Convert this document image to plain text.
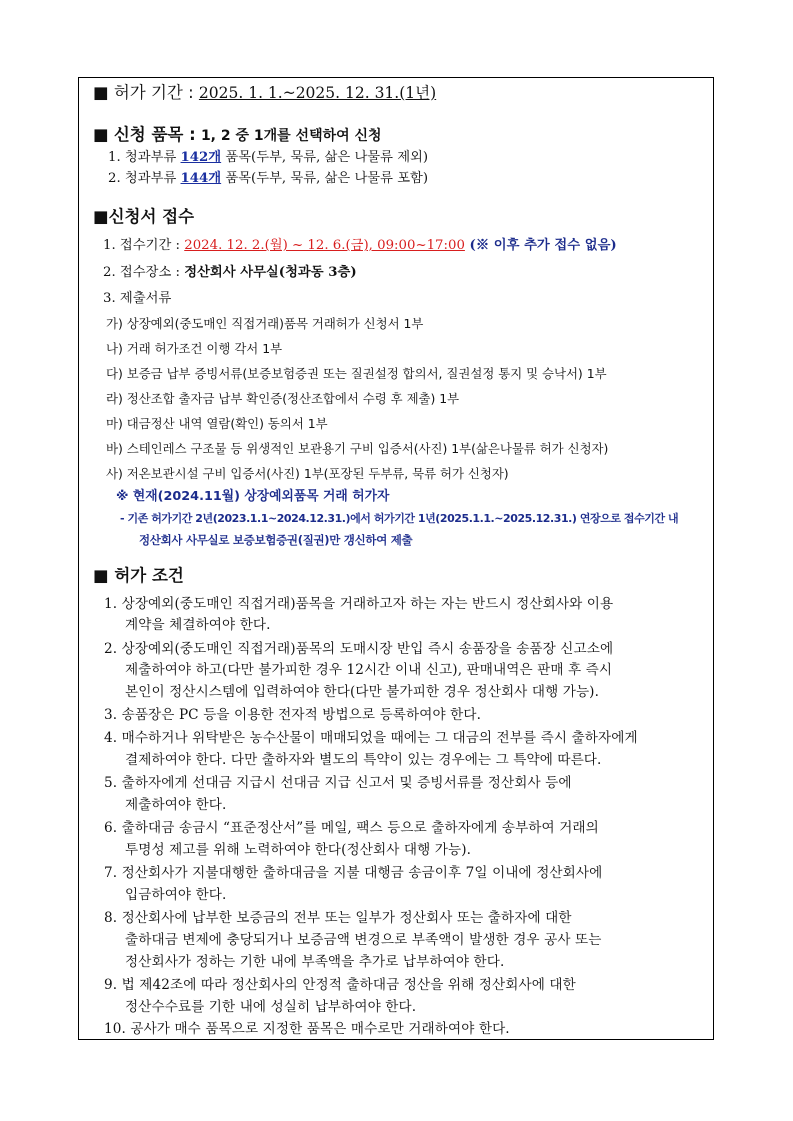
■ 허가 기간 : 2025. 1. 1.~2025. 12. 31.(1년)
■ 신청 품목 : 1, 2 중 1개를 선택하여 신청
1. 청과부류 142개 품목(두부, 묵류, 삶은 나물류 제외)
2. 청과부류 144개 품목(두부, 묵류, 삶은 나물류 포함)
■신청서 접수
1. 접수기간 : 2024. 12. 2.(월) ~ 12. 6.(금), 09:00~17:00 (※ 이후 추가 접수 없음)
2. 접수장소 : 정산회사 사무실(청과동 3층)
3. 제출서류
가) 상장예외(중도매인 직접거래)품목 거래허가 신청서 1부
나) 거래 허가조건 이행 각서 1부
다) 보증금 납부 증빙서류(보증보험증권 또는 질권설정 합의서, 질권설정 통지 및 승낙서) 1부
라) 정산조합 출자금 납부 확인증(정산조합에서 수령 후 제출) 1부
마) 대금정산 내역 열람(확인) 동의서 1부
바) 스테인레스 구조물 등 위생적인 보관용기 구비 입증서(사진) 1부(삶은나물류 허가 신청자)
사) 저온보관시설 구비 입증서(사진) 1부(포장된 두부류, 묵류 허가 신청자)
※ 현재(2024.11월) 상장예외품목 거래 허가자
- 기존 허가기간 2년(2023.1.1~2024.12.31.)에서 허가기간 1년(2025.1.1.~2025.12.31.) 연장으로 접수기간 내
정산회사 사무실로 보증보험증권(질권)만 갱신하여 제출
■ 허가 조건
1. 상장예외(중도매인 직접거래)품목을 거래하고자 하는 자는 반드시 정산회사와 이용
계약을 체결하여야 한다.
2. 상장예외(중도매인 직접거래)품목의 도매시장 반입 즉시 송품장을 송품장 신고소에
제출하여야 하고(다만 불가피한 경우 12시간 이내 신고), 판매내역은 판매 후 즉시
본인이 정산시스템에 입력하여야 한다(다만 불가피한 경우 정산회사 대행 가능).
3. 송품장은 PC 등을 이용한 전자적 방법으로 등록하여야 한다.
4. 매수하거나 위탁받은 농수산물이 매매되었을 때에는 그 대금의 전부를 즉시 출하자에게
결제하여야 한다. 다만 출하자와 별도의 특약이 있는 경우에는 그 특약에 따른다.
5. 출하자에게 선대금 지급시 선대금 지급 신고서 및 증빙서류를 정산회사 등에
제출하여야 한다.
6. 출하대금 송금시 “표준정산서”를 메일, 팩스 등으로 출하자에게 송부하여 거래의
투명성 제고를 위해 노력하여야 한다(정산회사 대행 가능).
7. 정산회사가 지불대행한 출하대금을 지불 대행금 송금이후 7일 이내에 정산회사에
입금하여야 한다.
8. 정산회사에 납부한 보증금의 전부 또는 일부가 정산회사 또는 출하자에 대한
출하대금 변제에 충당되거나 보증금액 변경으로 부족액이 발생한 경우 공사 또는
정산회사가 정하는 기한 내에 부족액을 추가로 납부하여야 한다.
9. 법 제42조에 따라 정산회사의 안정적 출하대금 정산을 위해 정산회사에 대한
정산수수료를 기한 내에 성실히 납부하여야 한다.
10. 공사가 매수 품목으로 지정한 품목은 매수로만 거래하여야 한다.
